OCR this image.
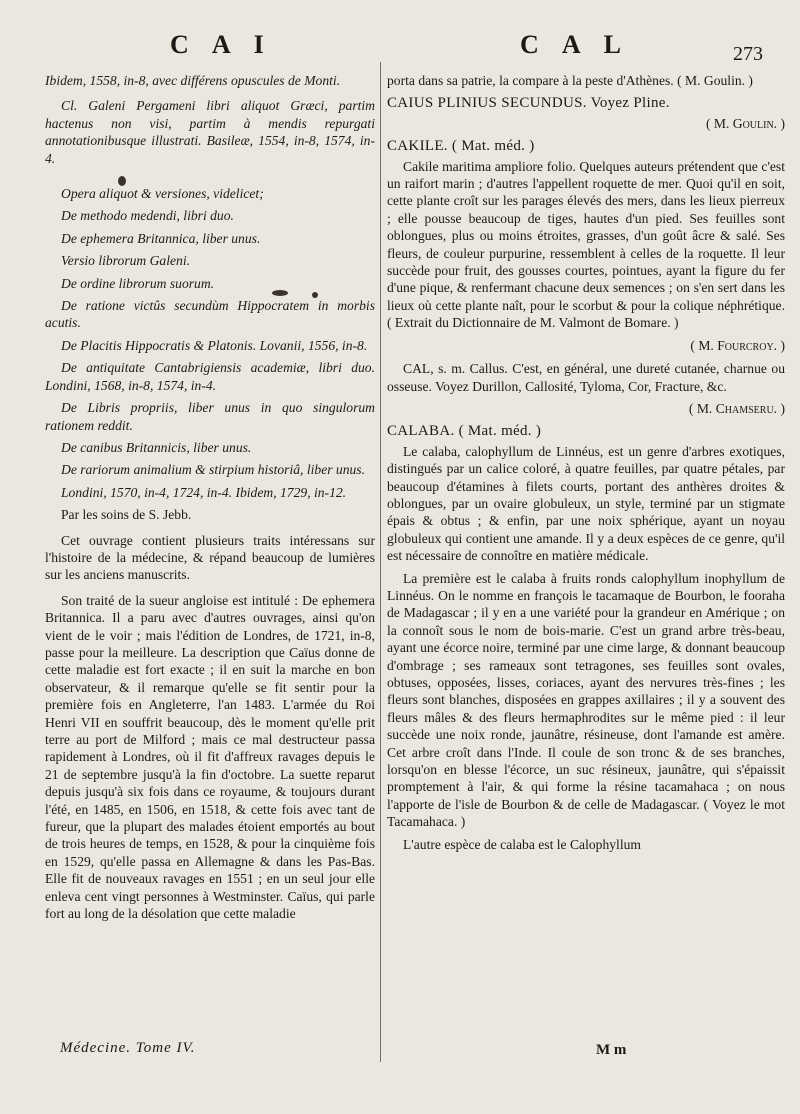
C A I	C A L	273

Ibidem, 1558, in-8, avec différens opuscules de Monti.

Cl. Galeni Pergameni libri aliquot Græci, partim hactenus non visi, partim à mendis repurgati annotationibusque illustrati. Basileæ, 1554, in-8, 1574, in-4.

Opera aliquot & versiones, videlicet;

De methodo medendi, libri duo.

De ephemera Britannica, liber unus.

Versio librorum Galeni.

De ordine librorum suorum.

De ratione victûs secundùm Hippocratem in morbis acutis.

De Placitis Hippocratis & Platonis. Lovanii, 1556, in-8.

De antiquitate Cantabrigiensis academiæ, libri duo. Londini, 1568, in-8, 1574, in-4.

De Libris propriis, liber unus in quo singulorum rationem reddit.

De canibus Britannicis, liber unus.

De rariorum animalium & stirpium historiâ, liber unus.

Londini, 1570, in-4, 1724, in-4. Ibidem, 1729, in-12.

Par les soins de S. Jebb.

Cet ouvrage contient plusieurs traits intéressans sur l'histoire de la médecine, & répand beaucoup de lumières sur les anciens manuscrits.

Son traité de la sueur angloise est intitulé : De ephemera Britannica. Il a paru avec d'autres ouvrages, ainsi qu'on vient de le voir ; mais l'édition de Londres, de 1721, in-8, passe pour la meilleure. La description que Caïus donne de cette maladie est fort exacte ; il en suit la marche en bon observateur, & il remarque qu'elle se fit sentir pour la première fois en Angleterre, l'an 1483. L'armée du Roi Henri VII en souffrit beaucoup, dès le moment qu'elle prit terre au port de Milford ; mais ce mal destructeur passa rapidement à Londres, où il fit d'affreux ravages depuis le 21 de septembre jusqu'à la fin d'octobre. La suette reparut depuis jusqu'à six fois dans ce royaume, & toujours durant l'été, en 1485, en 1506, en 1518, & cette fois avec tant de fureur, que la plupart des malades étoient emportés au bout de trois heures de temps, en 1528, & pour la cinquième fois en 1529, qu'elle passa en Allemagne & dans les Pas-Bas. Elle fit de nouveaux ravages en 1551 ; en un seul jour elle enleva cent vingt personnes à Westminster. Caïus, qui parle fort au long de la désolation que cette maladie

porta dans sa patrie, la compare à la peste d'Athènes. ( M. Goulin. )

CAIUS PLINIUS SECUNDUS. Voyez Pline.

( M. Goulin. )

CAKILE. ( Mat. méd. )

Cakile maritima ampliore folio. Quelques auteurs prétendent que c'est un raifort marin ; d'autres l'appellent roquette de mer. Quoi qu'il en soit, cette plante croît sur les parages élevés des mers, dans les lieux pierreux ; elle pousse beaucoup de tiges, hautes d'un pied. Ses feuilles sont oblongues, plus ou moins étroites, grasses, d'un goût âcre & salé. Ses fleurs, de couleur purpurine, ressemblent à celles de la roquette. Il leur succède pour fruit, des gousses courtes, pointues, ayant la figure du fer d'une pique, & renfermant chacune deux semences ; on s'en sert dans les lieux où cette plante naît, pour le scorbut & pour la colique néphrétique. ( Extrait du Dictionnaire de M. Valmont de Bomare. )

( M. Fourcroy. )

CAL, s. m. Callus. C'est, en général, une dureté cutanée, charnue ou osseuse. Voyez Durillon, Callosité, Tyloma, Cor, Fracture, &c.

( M. Chamseru. )

CALABA. ( Mat. méd. )

Le calaba, calophyllum de Linnéus, est un genre d'arbres exotiques, distingués par un calice coloré, à quatre feuilles, par quatre pétales, par beaucoup d'étamines à filets courts, portant des anthères droites & oblongues, par un ovaire globuleux, un style, terminé par un stigmate épais & obtus ; & enfin, par une noix sphérique, ayant un noyau globuleux qui contient une amande. Il y a deux espèces de ce genre, qu'il est nécessaire de connoître en matière médicale.

La première est le calaba à fruits ronds calophyllum inophyllum de Linnéus. On le nomme en françois le tacamaque de Bourbon, le fooraha de Madagascar ; il y en a une variété pour la grandeur en Amérique ; on la connoît sous le nom de bois-marie. C'est un grand arbre très-beau, ayant une écorce noire, terminé par une cime large, & donnant beaucoup d'ombrage ; ses rameaux sont tetragones, ses feuilles sont ovales, obtuses, opposées, lisses, coriaces, ayant des nervures très-fines ; les fleurs sont blanches, disposées en grappes axillaires ; il y a souvent des fleurs mâles & des fleurs hermaphrodites sur le même pied : il leur succède une noix ronde, jaunâtre, résineuse, dont l'amande est amère. Cet arbre croît dans l'Inde. Il coule de son tronc & de ses branches, lorsqu'on en blesse l'écorce, un suc résineux, jaunâtre, qui s'épaissit promptement à l'air, & qui forme la résine tacamahaca ; on nous l'apporte de l'isle de Bourbon & de celle de Madagascar. ( Voyez le mot Tacamahaca. )

L'autre espèce de calaba est le Calophyllum

Médecine. Tome IV.	M m
